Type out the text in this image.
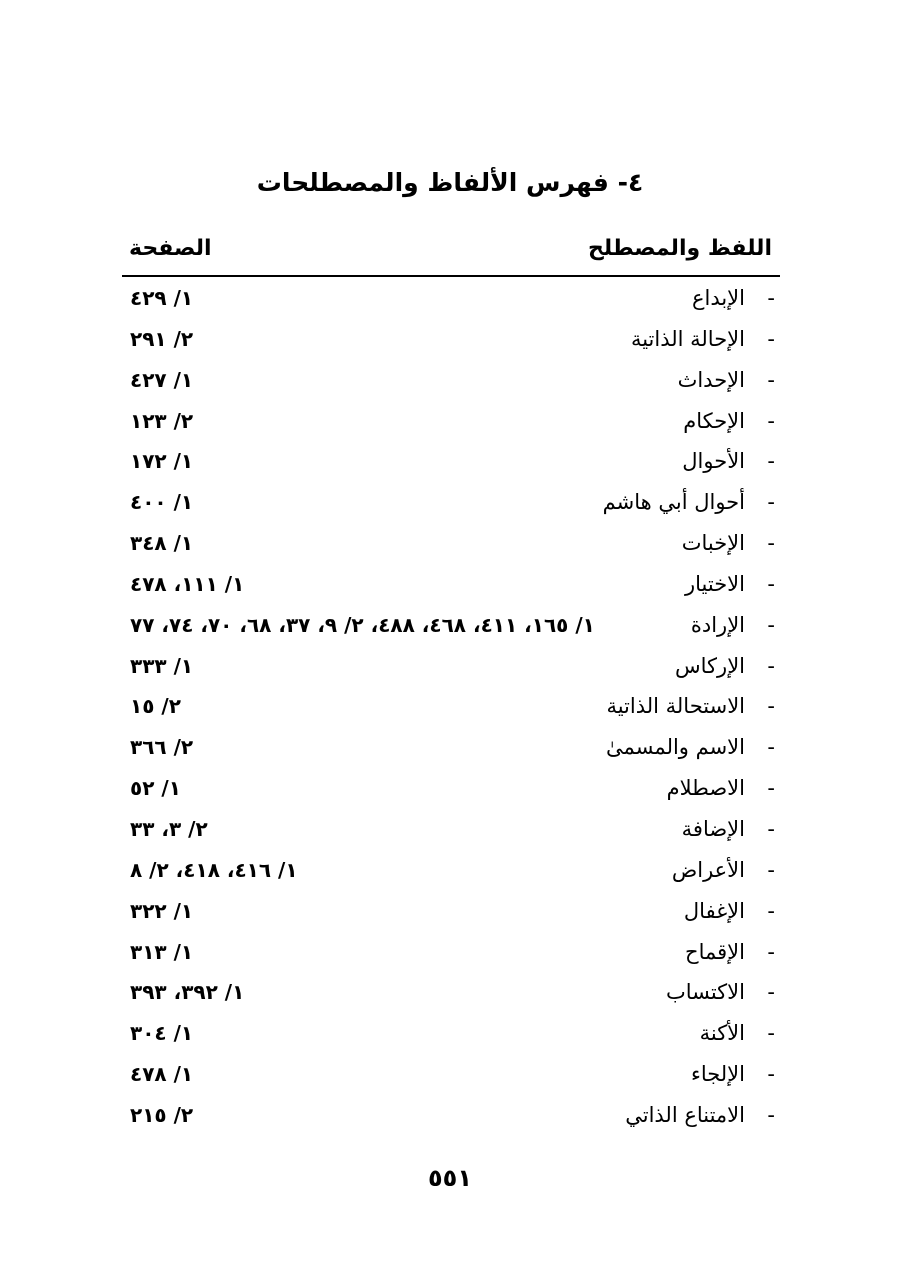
٤- فهرس الألفاظ والمصطلحات
اللفظ والمصطلح
الصفحة
-
الإبداع
١/ ٤٢٩
-
الإحالة الذاتية
٢/ ٢٩١
-
الإحداث
١/ ٤٢٧
-
الإحكام
٢/ ١٢٣
-
الأحوال
١/ ١٧٢
-
أحوال أبي هاشم
١/ ٤٠٠
-
الإخبات
١/ ٣٤٨
-
الاختيار
١/ ١١١، ٤٧٨
-
الإرادة
١/ ١٦٥، ٤١١، ٤٦٨، ٤٨٨، ٢/ ٩، ٣٧، ٦٨، ٧٠، ٧٤، ٧٧
-
الإركاس
١/ ٣٣٣
-
الاستحالة الذاتية
٢/ ١٥
-
الاسم والمسمىٰ
٢/ ٣٦٦
-
الاصطلام
١/ ٥٢
-
الإضافة
٢/ ٣، ٣٣
-
الأعراض
١/ ٤١٦، ٤١٨، ٢/ ٨
-
الإغفال
١/ ٣٢٢
-
الإقماح
١/ ٣١٣
-
الاكتساب
١/ ٣٩٢، ٣٩٣
-
الأكنة
١/ ٣٠٤
-
الإلجاء
١/ ٤٧٨
-
الامتناع الذاتي
٢/ ٢١٥
٥٥١
